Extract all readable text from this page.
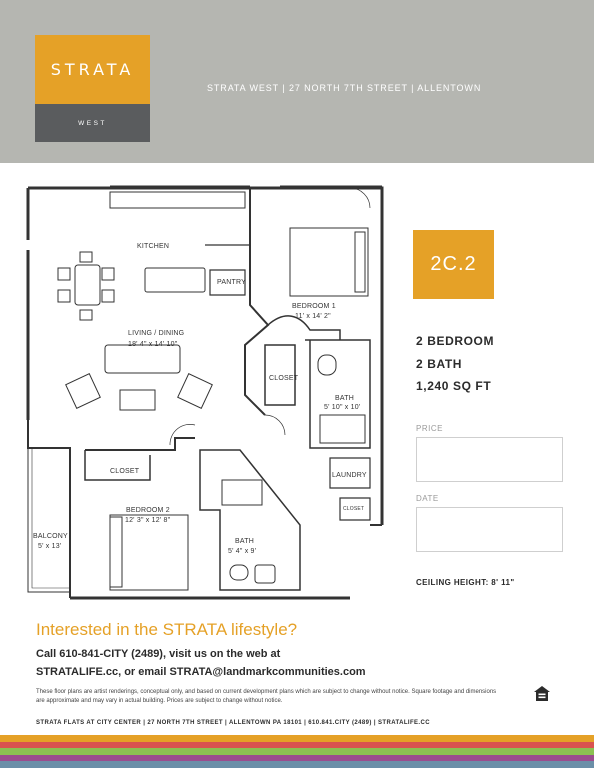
STRATA
WEST
STRATA WEST | 27 NORTH 7TH STREET | ALLENTOWN
KITCHEN
PANTRY
LIVING / DINING
18' 4" x 14' 10"
BEDROOM 1
11' x 14' 2"
CLOSET
BATH
5' 10" x 10'
LAUNDRY
CLOSET
CLOSET
BEDROOM 2
12' 3" x 12' 8"
BATH
5' 4" x 9'
BALCONY
5' x 13'
2C.2
2 BEDROOM
2 BATH
1,240 SQ FT
PRICE
DATE
CEILING HEIGHT: 8' 11"
Interested in the STRATA lifestyle?
Call 610-841-CITY (2489), visit us on the web at
STRATALIFE.cc, or email STRATA@landmarkcommunities.com
These floor plans are artist renderings, conceptual only, and based on current development plans which are subject to change without notice. Square footage and dimensions are approximate and may vary in actual building. Prices are subject to change without notice.
STRATA FLATS AT CITY CENTER | 27 NORTH 7TH STREET | ALLENTOWN PA 18101 | 610.841.CITY (2489) | STRATALIFE.CC
